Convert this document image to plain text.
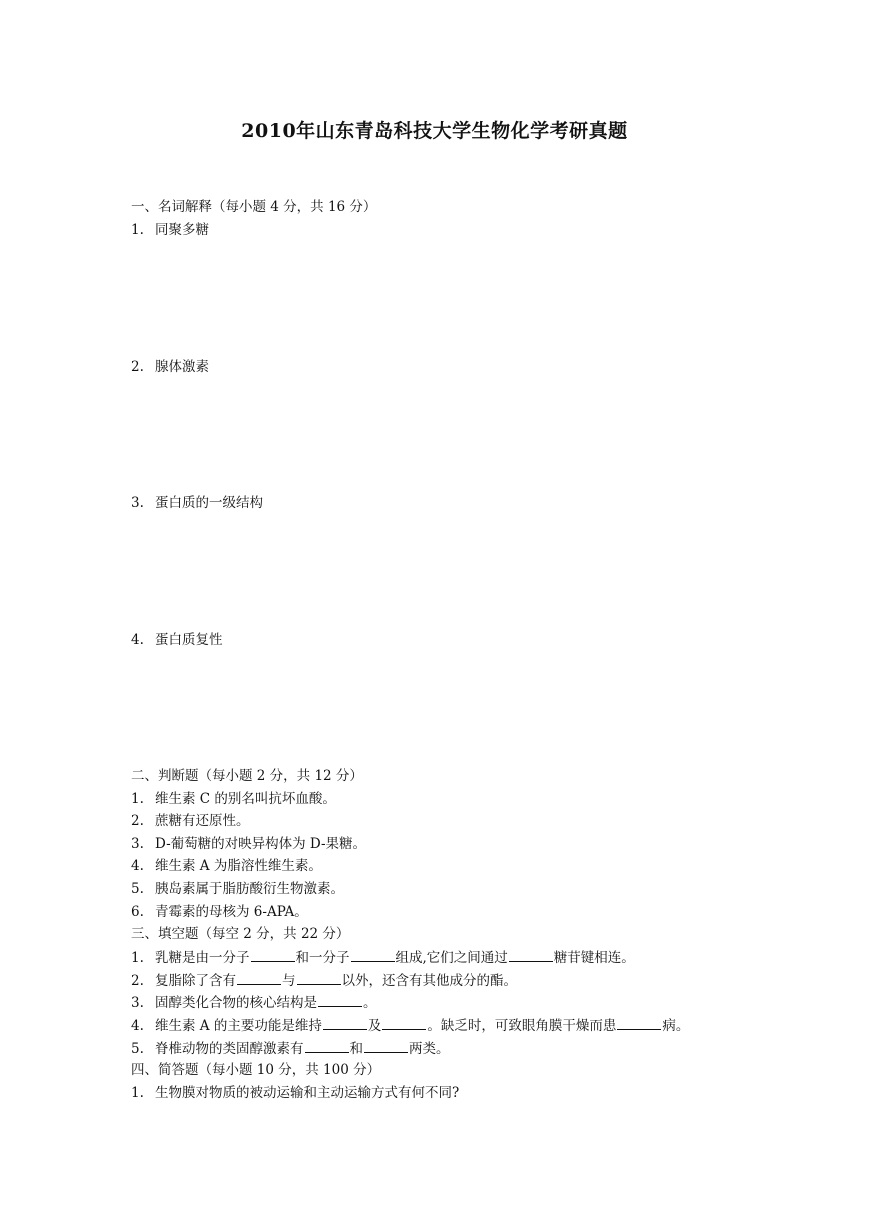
2010年山东青岛科技大学生物化学考研真题
一、名词解释（每小题 4 分，共 16 分）
1. 同聚多糖
2. 腺体激素
3. 蛋白质的一级结构
4. 蛋白质复性
二、判断题（每小题 2 分，共 12 分）
1. 维生素 C 的别名叫抗坏血酸。
2. 蔗糖有还原性。
3. D-葡萄糖的对映异构体为 D-果糖。
4. 维生素 A 为脂溶性维生素。
5. 胰岛素属于脂肪酸衍生物激素。
6. 青霉素的母核为 6-APA。
三、填空题（每空 2 分，共 22 分）
1. 乳糖是由一分子	和一分子	组成,它们之间通过	糖苷键相连。
2. 复脂除了含有	与	以外，还含有其他成分的酯。
3. 固醇类化合物的核心结构是	。
4. 维生素 A 的主要功能是维持	及	。缺乏时，可致眼角膜干燥而患	病。
5. 脊椎动物的类固醇激素有	和	两类。
四、简答题（每小题 10 分，共 100 分）
1. 生物膜对物质的被动运输和主动运输方式有何不同?
